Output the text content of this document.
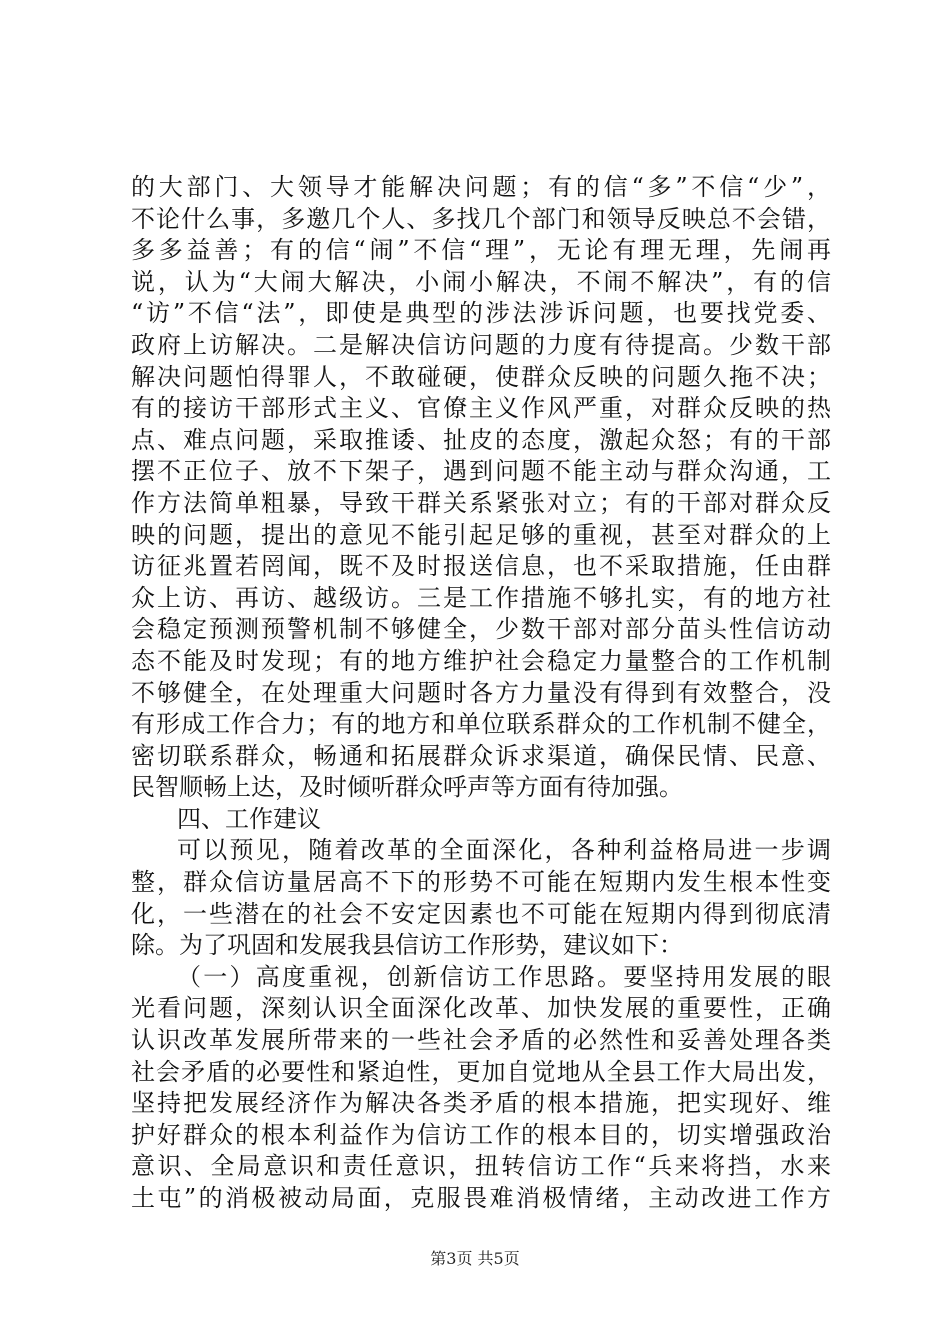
的大部门、大领导才能解决问题；有的信“多”不信“少”，
不论什么事，多邀几个人、多找几个部门和领导反映总不会错，
多多益善；有的信“闹”不信“理”，无论有理无理，先闹再
说，认为“大闹大解决，小闹小解决，不闹不解决”，有的信
“访”不信“法”，即使是典型的涉法涉诉问题，也要找党委、
政府上访解决。二是解决信访问题的力度有待提高。少数干部
解决问题怕得罪人，不敢碰硬，使群众反映的问题久拖不决；
有的接访干部形式主义、官僚主义作风严重，对群众反映的热
点、难点问题，采取推诿、扯皮的态度，激起众怒；有的干部
摆不正位子、放不下架子，遇到问题不能主动与群众沟通，工
作方法简单粗暴，导致干群关系紧张对立；有的干部对群众反
映的问题，提出的意见不能引起足够的重视，甚至对群众的上
访征兆置若罔闻，既不及时报送信息，也不采取措施，任由群
众上访、再访、越级访。三是工作措施不够扎实，有的地方社
会稳定预测预警机制不够健全，少数干部对部分苗头性信访动
态不能及时发现；有的地方维护社会稳定力量整合的工作机制
不够健全，在处理重大问题时各方力量没有得到有效整合，没
有形成工作合力；有的地方和单位联系群众的工作机制不健全，
密切联系群众，畅通和拓展群众诉求渠道，确保民情、民意、
民智顺畅上达，及时倾听群众呼声等方面有待加强。
四、工作建议
可以预见，随着改革的全面深化，各种利益格局进一步调
整，群众信访量居高不下的形势不可能在短期内发生根本性变
化，一些潜在的社会不安定因素也不可能在短期内得到彻底清
除。为了巩固和发展我县信访工作形势，建议如下：
（一）高度重视，创新信访工作思路。要坚持用发展的眼
光看问题，深刻认识全面深化改革、加快发展的重要性，正确
认识改革发展所带来的一些社会矛盾的必然性和妥善处理各类
社会矛盾的必要性和紧迫性，更加自觉地从全县工作大局出发，
坚持把发展经济作为解决各类矛盾的根本措施，把实现好、维
护好群众的根本利益作为信访工作的根本目的，切实增强政治
意识、全局意识和责任意识，扭转信访工作“兵来将挡，水来
土屯”的消极被动局面，克服畏难消极情绪，主动改进工作方
第3页 共5页
